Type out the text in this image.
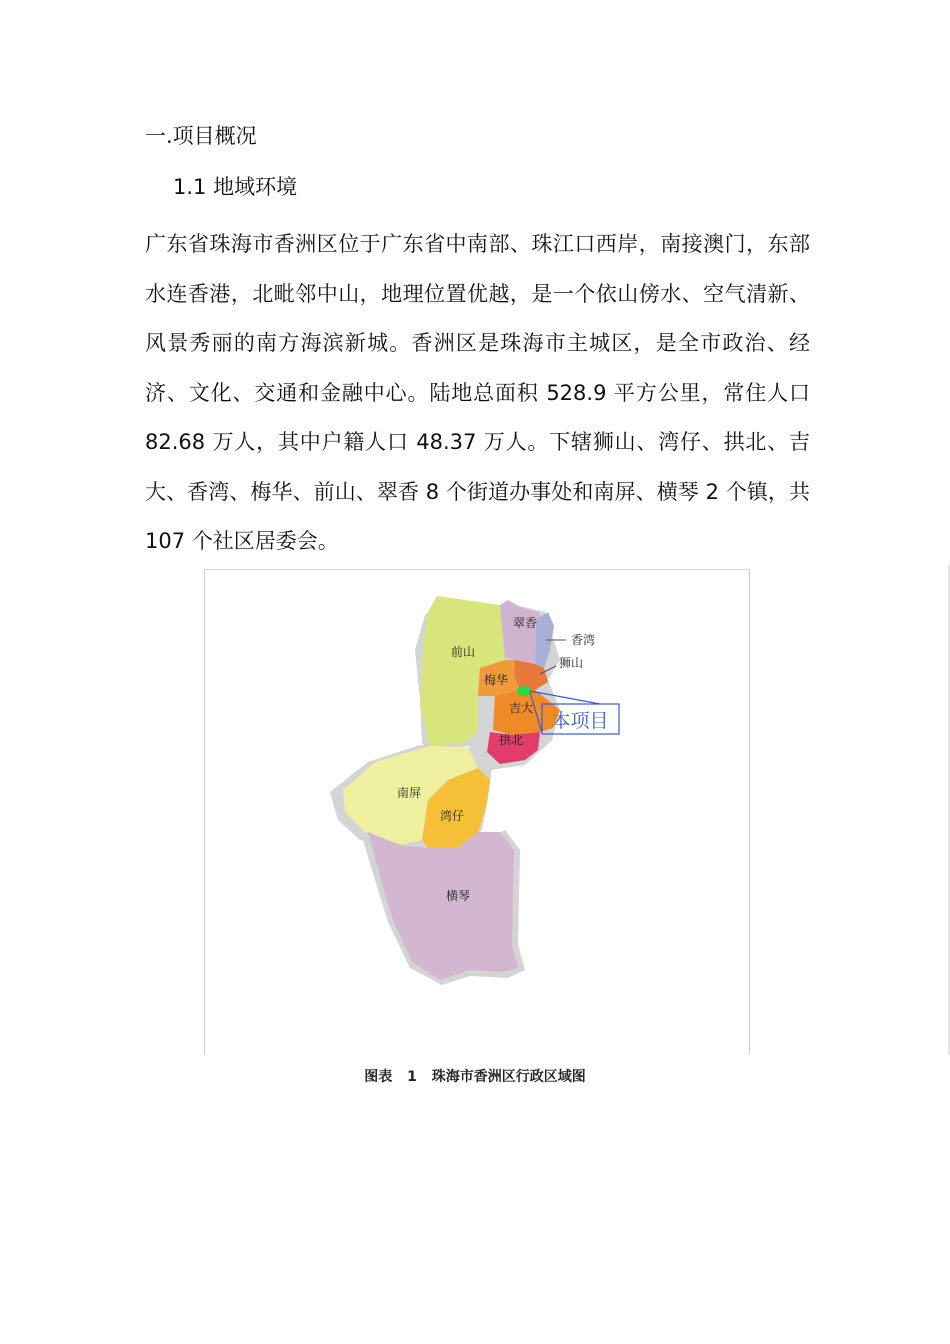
一.项目概况
1.1 地域环境

广东省珠海市香洲区位于广东省中南部、珠江口西岸，南接澳门，东部水连香港，北毗邻中山，地理位置优越，是一个依山傍水、空气清新、风景秀丽的南方海滨新城。香洲区是珠海市主城区，是全市政治、经济、文化、交通和金融中心。陆地总面积 528.9 平方公里，常住人口 82.68 万人，其中户籍人口 48.37 万人。下辖狮山、湾仔、拱北、吉大、香湾、梅华、前山、翠香 8 个街道办事处和南屏、横琴 2 个镇，共 107 个社区居委会。

本项目
前山
翠香
香湾
狮山
梅华
吉大
拱北
南屏
湾仔
横琴
图表 1 珠海市香洲区行政区域图
